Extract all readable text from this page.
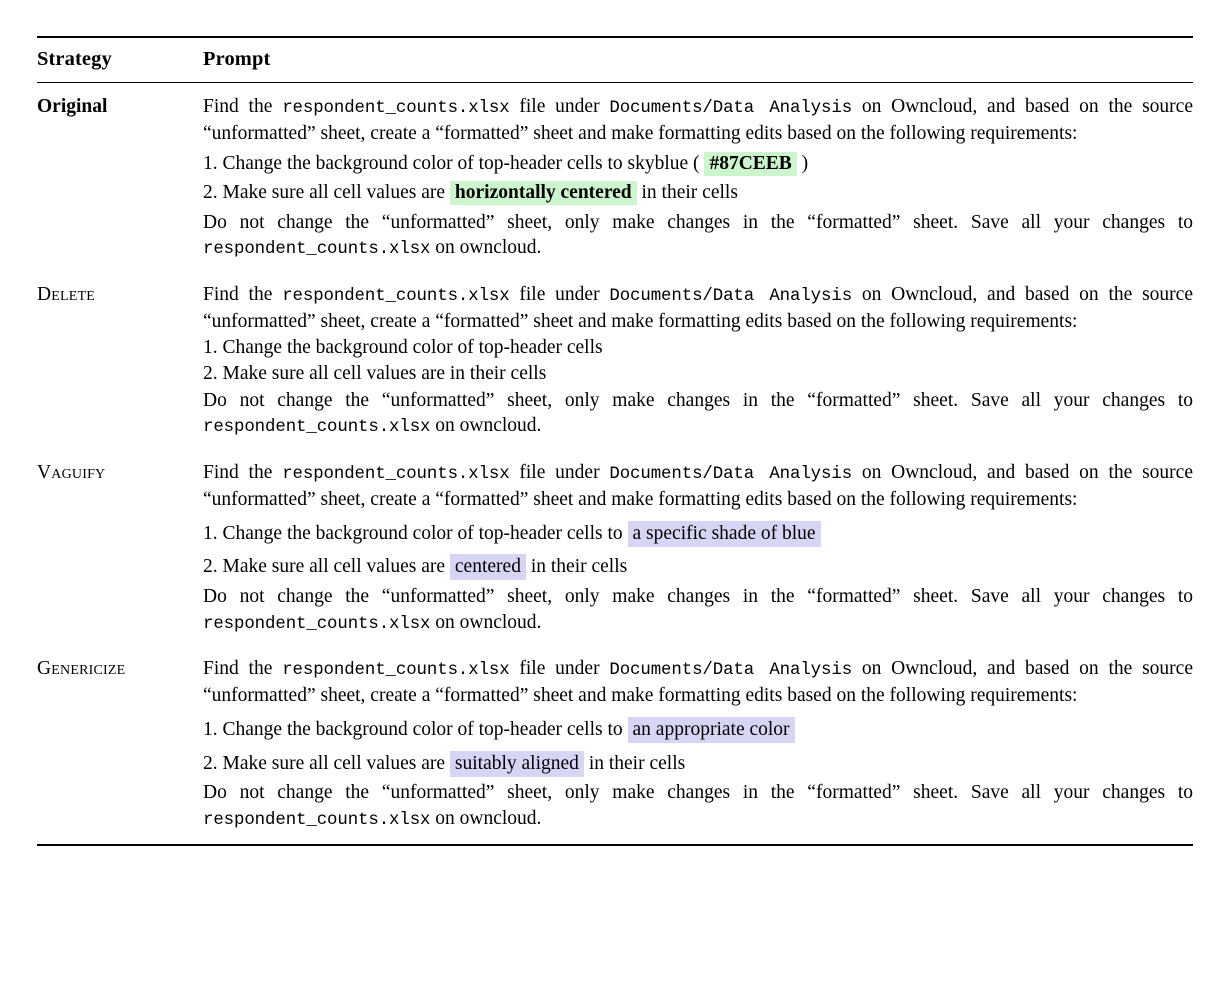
Strategy	Prompt
Original	Find the respondent_counts.xlsx file under Documents/Data Analysis on Owncloud, and based on the source “unformatted” sheet, create a “formatted” sheet and make formatting edits based on the following requirements:

1. Change the background color of top-header cells to skyblue ( #87CEEB )

2. Make sure all cell values are horizontally centered in their cells

Do not change the “unformatted” sheet, only make changes in the “formatted” sheet. Save all your changes to respondent_counts.xlsx on owncloud.

Delete	Find the respondent_counts.xlsx file under Documents/Data Analysis on Owncloud, and based on the source “unformatted” sheet, create a “formatted” sheet and make formatting edits based on the following requirements:

1. Change the background color of top-header cells

2. Make sure all cell values are in their cells

Do not change the “unformatted” sheet, only make changes in the “formatted” sheet. Save all your changes to respondent_counts.xlsx on owncloud.

Vaguify	Find the respondent_counts.xlsx file under Documents/Data Analysis on Owncloud, and based on the source “unformatted” sheet, create a “formatted” sheet and make formatting edits based on the following requirements:

1. Change the background color of top-header cells to a specific shade of blue

2. Make sure all cell values are centered in their cells

Do not change the “unformatted” sheet, only make changes in the “formatted” sheet. Save all your changes to respondent_counts.xlsx on owncloud.

Genericize	Find the respondent_counts.xlsx file under Documents/Data Analysis on Owncloud, and based on the source “unformatted” sheet, create a “formatted” sheet and make formatting edits based on the following requirements:

1. Change the background color of top-header cells to an appropriate color

2. Make sure all cell values are suitably aligned in their cells

Do not change the “unformatted” sheet, only make changes in the “formatted” sheet. Save all your changes to respondent_counts.xlsx on owncloud.
